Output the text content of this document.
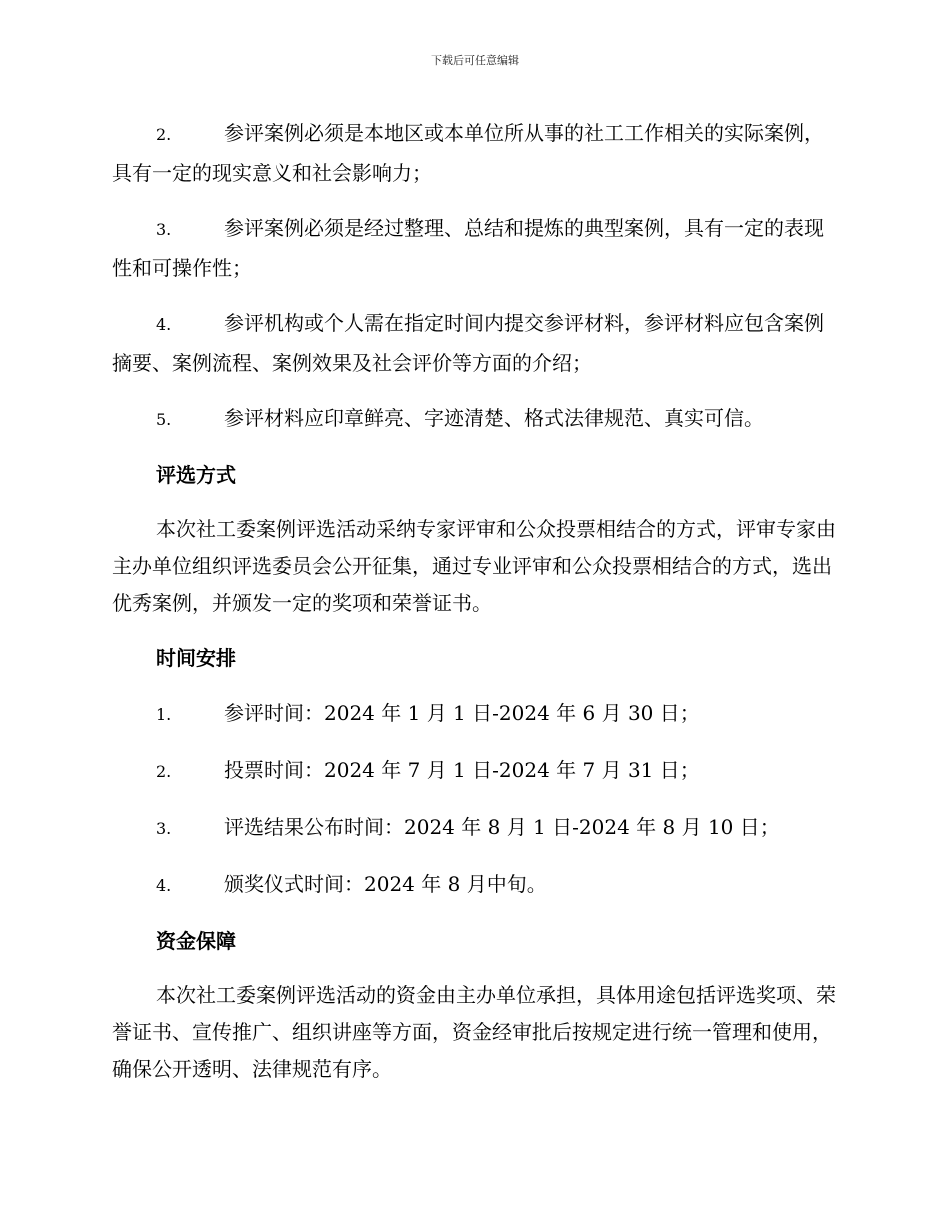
下载后可任意编辑

2.	参评案例必须是本地区或本单位所从事的社工工作相关的实际案例，具有一定的现实意义和社会影响力；

3.	参评案例必须是经过整理、总结和提炼的典型案例，具有一定的表现性和可操作性；

4.	参评机构或个人需在指定时间内提交参评材料，参评材料应包含案例摘要、案例流程、案例效果及社会评价等方面的介绍；

5.	参评材料应印章鲜亮、字迹清楚、格式法律规范、真实可信。

评选方式

本次社工委案例评选活动采纳专家评审和公众投票相结合的方式，评审专家由主办单位组织评选委员会公开征集，通过专业评审和公众投票相结合的方式，选出优秀案例，并颁发一定的奖项和荣誉证书。

时间安排

1.	参评时间：2024 年 1 月 1 日-2024 年 6 月 30 日；

2.	投票时间：2024 年 7 月 1 日-2024 年 7 月 31 日；

3.	评选结果公布时间：2024 年 8 月 1 日-2024 年 8 月 10 日；

4.	颁奖仪式时间：2024 年 8 月中旬。

资金保障

本次社工委案例评选活动的资金由主办单位承担，具体用途包括评选奖项、荣誉证书、宣传推广、组织讲座等方面，资金经审批后按规定进行统一管理和使用，确保公开透明、法律规范有序。
